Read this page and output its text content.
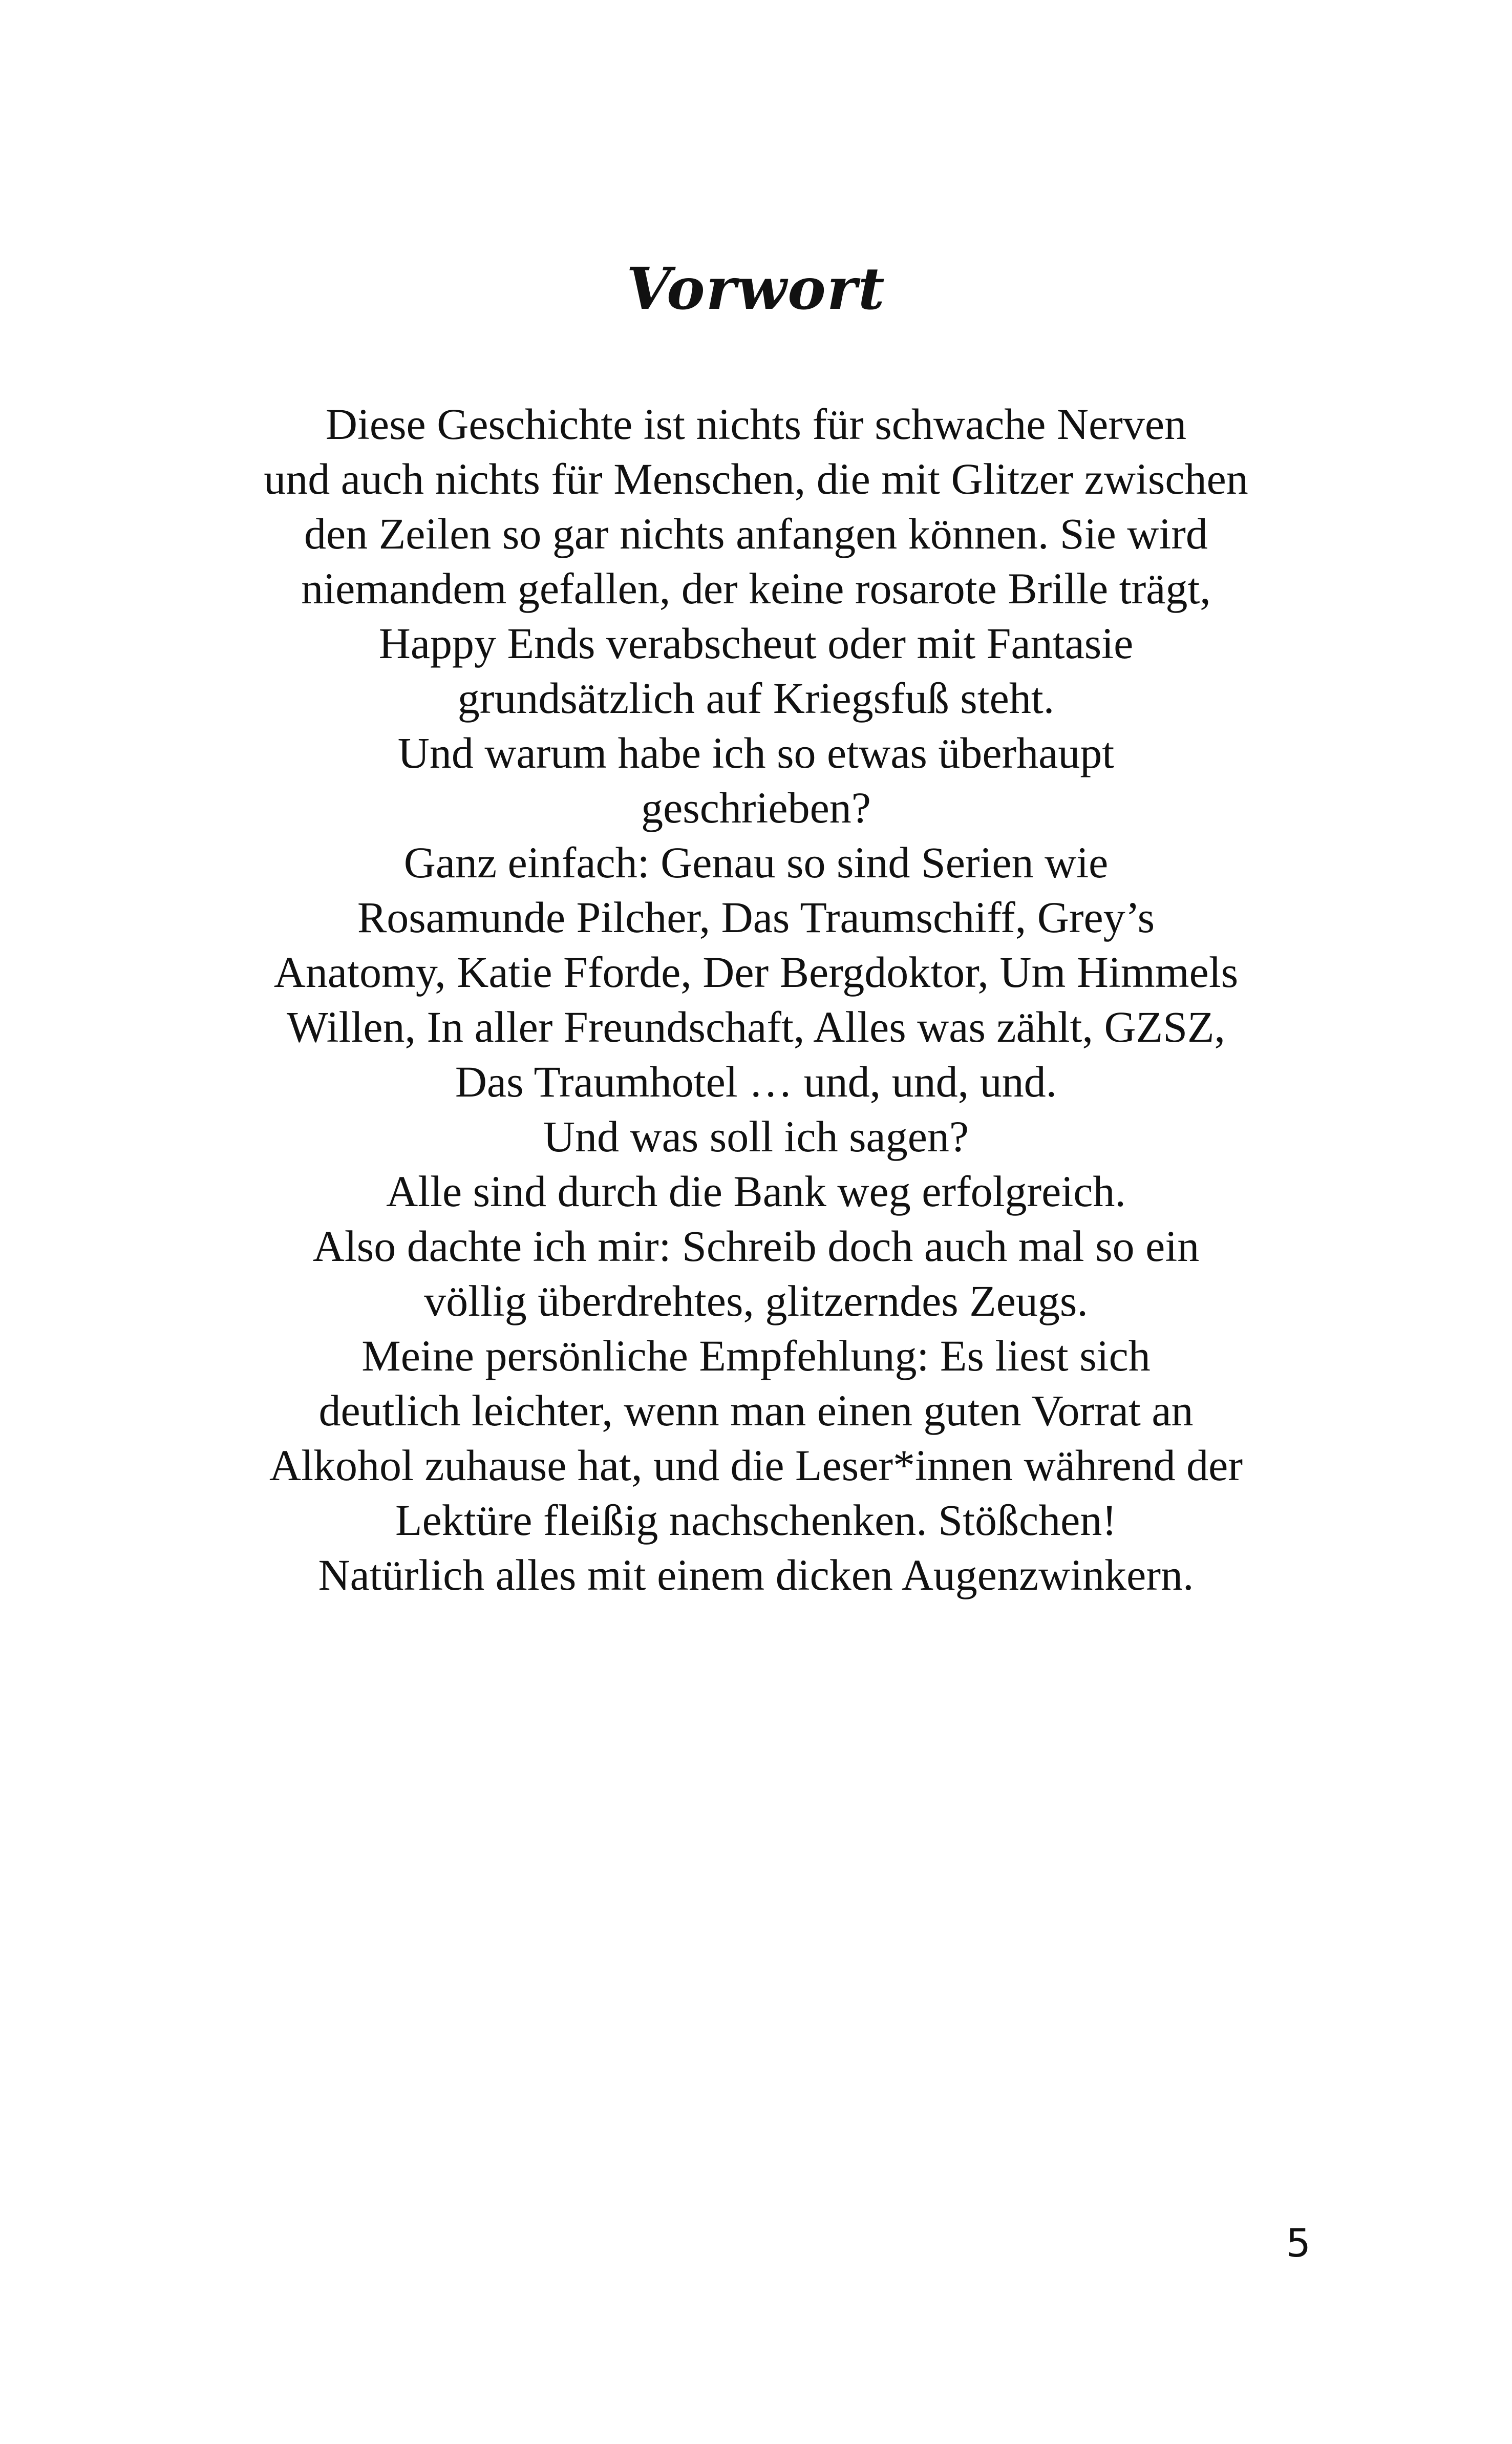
Vorwort
Diese Geschichte ist nichts für schwache Nerven
und auch nichts für Menschen, die mit Glitzer zwischen
den Zeilen so gar nichts anfangen können. Sie wird
niemandem gefallen, der keine rosarote Brille trägt,
Happy Ends verabscheut oder mit Fantasie
grundsätzlich auf Kriegsfuß steht.
Und warum habe ich so etwas überhaupt
geschrieben?
Ganz einfach: Genau so sind Serien wie
Rosamunde Pilcher, Das Traumschiff, Grey’s
Anatomy, Katie Fforde, Der Bergdoktor, Um Himmels
Willen, In aller Freundschaft, Alles was zählt, GZSZ,
Das Traumhotel … und, und, und.
Und was soll ich sagen?
Alle sind durch die Bank weg erfolgreich.
Also dachte ich mir: Schreib doch auch mal so ein
völlig überdrehtes, glitzerndes Zeugs.
Meine persönliche Empfehlung: Es liest sich
deutlich leichter, wenn man einen guten Vorrat an
Alkohol zuhause hat, und die Leser*innen während der
Lektüre fleißig nachschenken. Stößchen!
Natürlich alles mit einem dicken Augenzwinkern.
5
